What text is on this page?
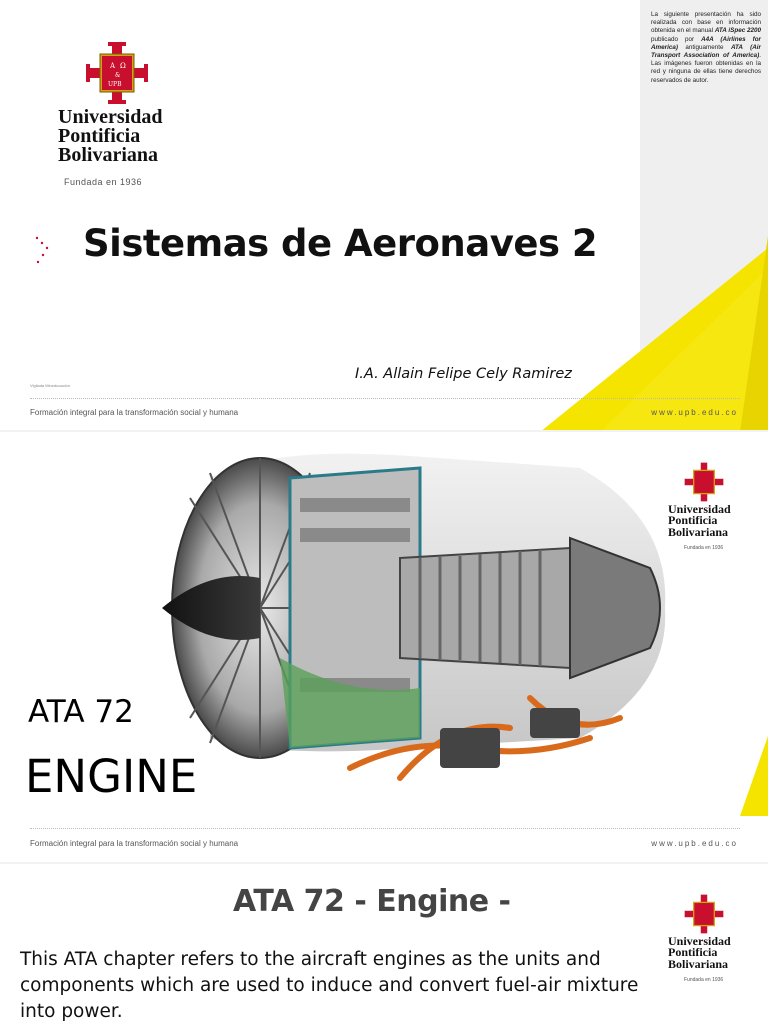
La siguiente presentación ha sido realizada con base en información obtenida en el manual ATA iSpec 2200 publicado por A4A (Airlines for America) antiguamente ATA (Air Transport Association of America). Las imágenes fueron obtenidas en la red y ninguna de ellas tiene derechos reservados de autor.

A Ω
&
UPB
Universidad
Pontificia
Bolivariana
Fundada en 1936
Sistemas de Aeronaves 2
Vigilada Mineducación
I.A. Allain Felipe Cely Ramirez
Formación integral para la transformación social y humana	www.upb.edu.co
Universidad
Pontificia
Bolivariana
Fundada en 1936
ATA 72
ENGINE
Formación integral para la transformación social y humana	www.upb.edu.co
ATA 72 - Engine -

This ATA chapter refers to the aircraft engines as the units and components which are used to induce and convert fuel-air mixture into power.

Universidad
Pontificia
Bolivariana
Fundada en 1936
